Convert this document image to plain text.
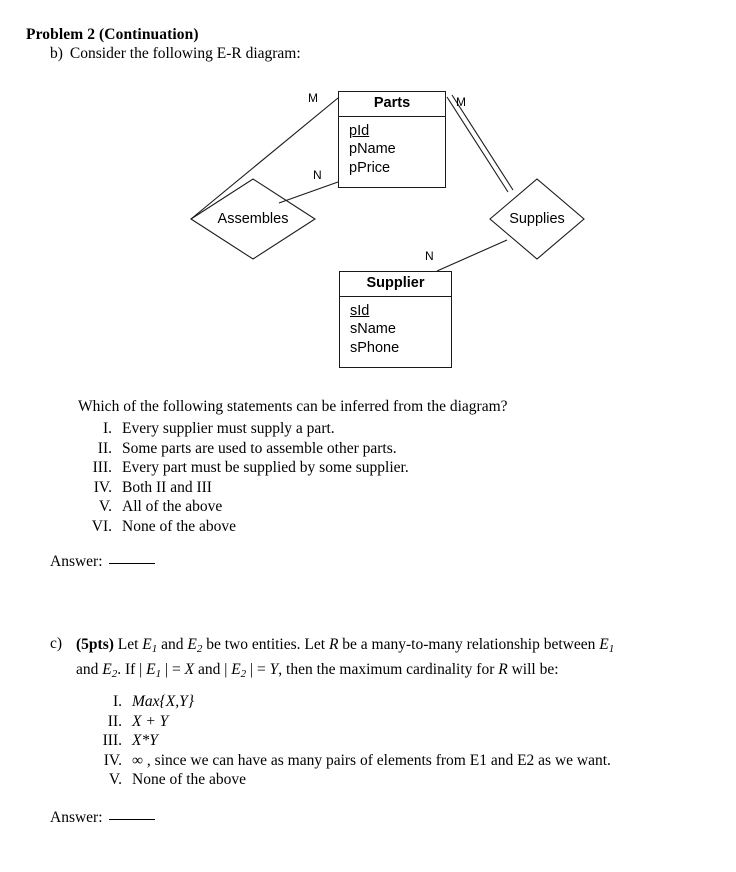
Problem 2 (Continuation)
b) Consider the following E-R diagram:
Parts
pId
pName
pPrice
Supplier
sId
sName
sPhone
Assembles	Supplies
M	M
N
N
Which of the following statements can be inferred from the diagram?
I. Every supplier must supply a part.
II. Some parts are used to assemble other parts.
III. Every part must be supplied by some supplier.
IV. Both II and III
V. All of the above
VI. None of the above
Answer:
c) (5pts) Let $E_1$ and $E_2$ be two entities. Let R be a many-to-many relationship between $E_1$
and $E_2$. If | $E_1$ | = X and | $E_2$ | = Y, then the maximum cardinality for R will be:
I. Max{X,Y}
II. X + Y
III. X*Y
IV. ∞ , since we can have as many pairs of elements from E1 and E2 as we want.
V. None of the above
Answer:
